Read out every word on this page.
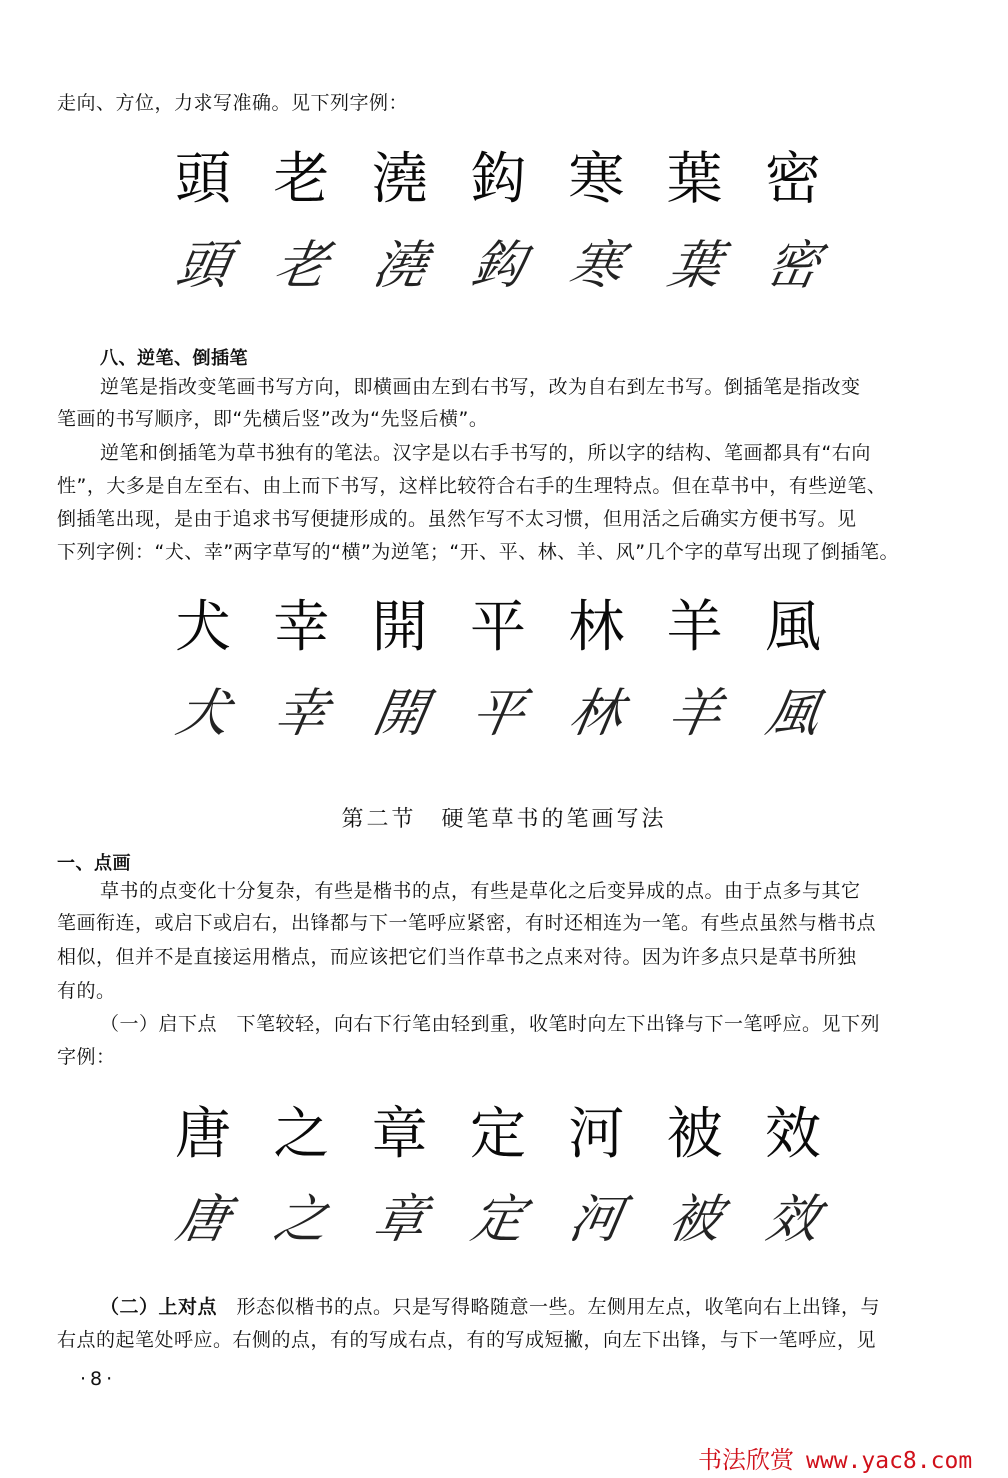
走向、方位，力求写准确。见下列字例：
頭 老 澆 鈎 寒 葉 密
頭 老 澆 鈎 寒 葉 密
八、逆笔、倒插笔
逆笔是指改变笔画书写方向，即横画由左到右书写，改为自右到左书写。倒插笔是指改变
笔画的书写顺序，即“先横后竖”改为“先竖后横”。
逆笔和倒插笔为草书独有的笔法。汉字是以右手书写的，所以字的结构、笔画都具有“右向
性”，大多是自左至右、由上而下书写，这样比较符合右手的生理特点。但在草书中，有些逆笔、
倒插笔出现，是由于追求书写便捷形成的。虽然乍写不太习惯，但用活之后确实方便书写。见
下列字例：“犬、幸”两字草写的“横”为逆笔；“开、平、林、羊、风”几个字的草写出现了倒插笔。
犬 幸 開 平 林 羊 風
犬 幸 開 平 林 羊 風
第二节　硬笔草书的笔画写法
一、点画
草书的点变化十分复杂，有些是楷书的点，有些是草化之后变异成的点。由于点多与其它
笔画衔连，或启下或启右，出锋都与下一笔呼应紧密，有时还相连为一笔。有些点虽然与楷书点
相似，但并不是直接运用楷点，而应该把它们当作草书之点来对待。因为许多点只是草书所独
有的。
（一）启下点　下笔较轻，向右下行笔由轻到重，收笔时向左下出锋与下一笔呼应。见下列
字例：
唐 之 章 定 河 被 效
唐 之 章 定 河 被 效
（二）上对点　形态似楷书的点。只是写得略随意一些。左侧用左点，收笔向右上出锋，与
右点的起笔处呼应。右侧的点，有的写成右点，有的写成短撇，向左下出锋，与下一笔呼应，见
·8·
书法欣赏 www.yac8.com
